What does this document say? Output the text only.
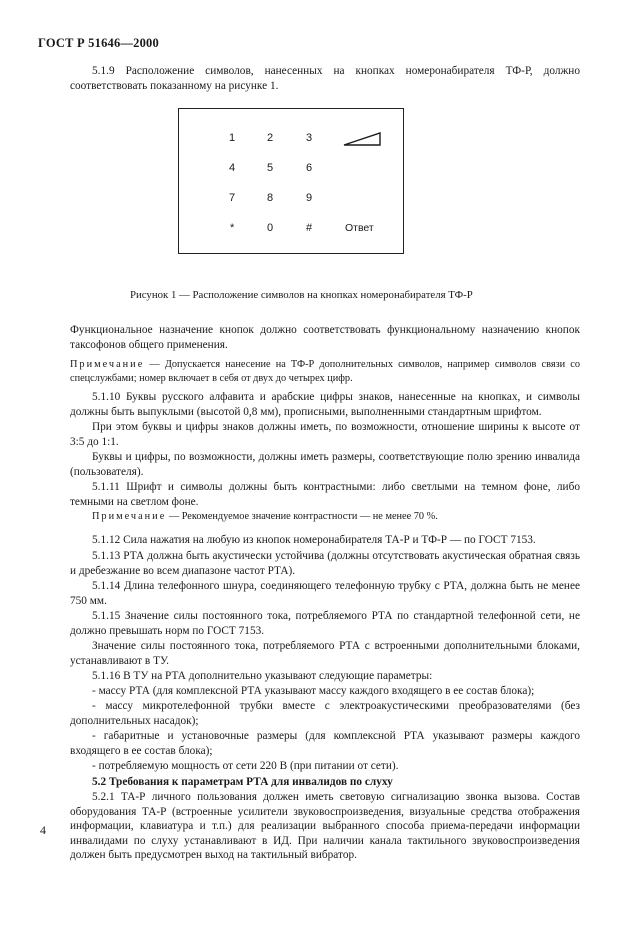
ГОСТ Р 51646—2000
5.1.9 Расположение символов, нанесенных на кнопках номеронабирателя ТФ-Р, должно соответствовать показанному на рисунке 1.
1	2	3
4	5	6
7	8	9
*	0	#	Ответ
Рисунок 1 — Расположение символов на кнопках номеронабирателя ТФ-Р
Функциональное назначение кнопок должно соответствовать функциональному назначению кнопок таксофонов общего применения.
Примечание — Допускается нанесение на ТФ-Р дополнительных символов, например символов связи со спецслужбами; номер включает в себя от двух до четырех цифр.
5.1.10 Буквы русского алфавита и арабские цифры знаков, нанесенные на кнопках, и символы должны быть выпуклыми (высотой 0,8 мм), прописными, выполненными стандартным шрифтом.
При этом буквы и цифры знаков должны иметь, по возможности, отношение ширины к высоте от 3:5 до 1:1.
Буквы и цифры, по возможности, должны иметь размеры, соответствующие полю зрению инвалида (пользователя).
5.1.11 Шрифт и символы должны быть контрастными: либо светлыми на темном фоне, либо темными на светлом фоне.
Примечание — Рекомендуемое значение контрастности — не менее 70 %.
5.1.12 Сила нажатия на любую из кнопок номеронабирателя ТА-Р и ТФ-Р — по ГОСТ 7153.
5.1.13 РТА должна быть акустически устойчива (должны отсутствовать акустическая обратная связь и дребезжание во всем диапазоне частот РТА).
5.1.14 Длина телефонного шнура, соединяющего телефонную трубку с РТА, должна быть не менее 750 мм.
5.1.15 Значение силы постоянного тока, потребляемого РТА по стандартной телефонной сети, не должно превышать норм по ГОСТ 7153.
Значение силы постоянного тока, потребляемого РТА с встроенными дополнительными блоками, устанавливают в ТУ.
5.1.16 В ТУ на РТА дополнительно указывают следующие параметры:
- массу РТА (для комплексной РТА указывают массу каждого входящего в ее состав блока);
- массу микротелефонной трубки вместе с электроакустическими преобразователями (без дополнительных насадок);
- габаритные и установочные размеры (для комплексной РТА указывают размеры каждого входящего в ее состав блока);
- потребляемую мощность от сети 220 В (при питании от сети).
5.2 Требования к параметрам РТА для инвалидов по слуху
5.2.1 ТА-Р личного пользования должен иметь световую сигнализацию звонка вызова. Состав оборудования ТА-Р (встроенные усилители звуковоспроизведения, визуальные средства отображения информации, клавиатура и т.п.) для реализации выбранного способа приема-передачи информации инвалидами по слуху устанавливают в ИД. При наличии канала тактильного звуковоспроизведения должен быть предусмотрен выход на тактильный вибратор.
4
